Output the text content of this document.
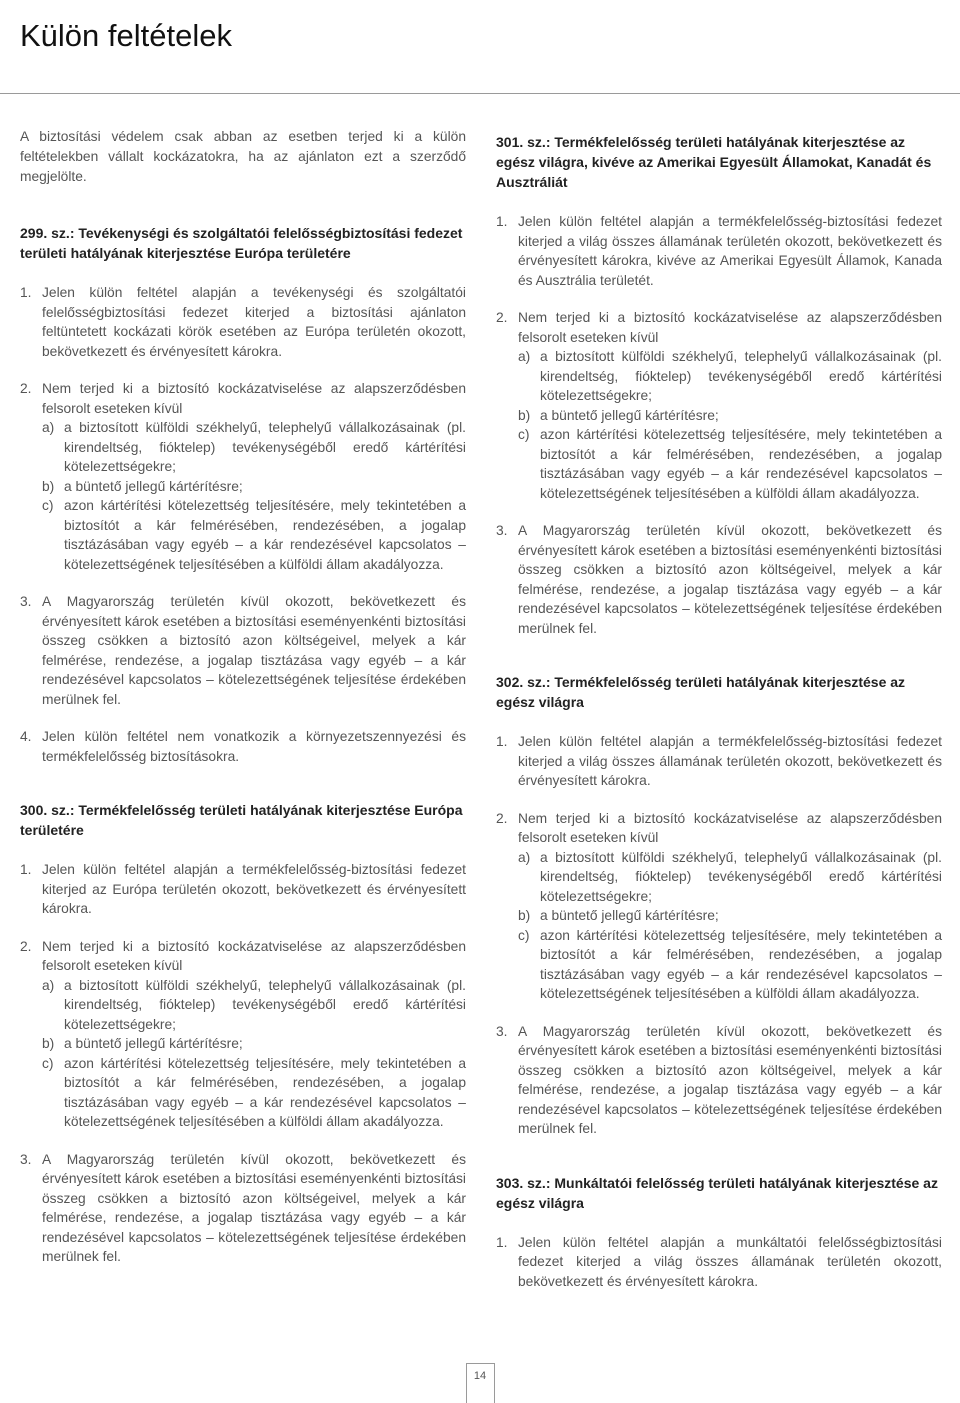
Külön feltételek

A biztosítási védelem csak abban az esetben terjed ki a külön feltételekben vállalt kockázatokra, ha az ajánlaton ezt a szerződő megjelölte.

299. sz.: Tevékenységi és szolgáltatói felelősségbiztosítási fedezet területi hatályának kiterjesztése Európa területére
1. Jelen külön feltétel alapján a tevékenységi és szolgáltatói felelősségbiztosítási fedezet kiterjed a biztosítási ajánlaton feltüntetett kockázati körök esetében az Európa területén okozott, bekövetkezett és érvényesített károkra.
2. Nem terjed ki a biztosító kockázatviselése az alapszerződésben felsorolt eseteken kívül
a) a biztosított külföldi székhelyű, telephelyű vállalkozásainak (pl. kirendeltség, fióktelep) tevékenységéből eredő kártérítési kötelezettségekre;
b) a büntető jellegű kártérítésre;
c) azon kártérítési kötelezettség teljesítésére, mely tekintetében a biztosítót a kár felmérésében, rendezésében, a jogalap tisztázásában vagy egyéb – a kár rendezésével kapcsolatos – kötelezettségének teljesítésében a külföldi állam akadályozza.
3. A Magyarország területén kívül okozott, bekövetkezett és érvényesített károk esetében a biztosítási eseményenkénti biztosítási összeg csökken a biztosító azon költségeivel, melyek a kár felmérése, rendezése, a jogalap tisztázása vagy egyéb – a kár rendezésével kapcsolatos – kötelezettségének teljesítése érdekében merülnek fel.
4. Jelen külön feltétel nem vonatkozik a környezetszennyezési és termékfelelősség biztosításokra.
300. sz.: Termékfelelősség területi hatályának kiterjesztése Európa területére
1. Jelen külön feltétel alapján a termékfelelősség-biztosítási fedezet kiterjed az Európa területén okozott, bekövetkezett és érvényesített károkra.
2. Nem terjed ki a biztosító kockázatviselése az alapszerződésben felsorolt eseteken kívül
a) a biztosított külföldi székhelyű, telephelyű vállalkozásainak (pl. kirendeltség, fióktelep) tevékenységéből eredő kártérítési kötelezettségekre;
b) a büntető jellegű kártérítésre;
c) azon kártérítési kötelezettség teljesítésére, mely tekintetében a biztosítót a kár felmérésében, rendezésében, a jogalap tisztázásában vagy egyéb – a kár rendezésével kapcsolatos – kötelezettségének teljesítésében a külföldi állam akadályozza.
3. A Magyarország területén kívül okozott, bekövetkezett és érvényesített károk esetében a biztosítási eseményenkénti biztosítási összeg csökken a biztosító azon költségeivel, melyek a kár felmérése, rendezése, a jogalap tisztázása vagy egyéb – a kár rendezésével kapcsolatos – kötelezettségének teljesítése érdekében merülnek fel.
301. sz.: Termékfelelősség területi hatályának kiterjesztése az egész világra, kivéve az Amerikai Egyesült Államokat, Kanadát és Ausztráliát
1. Jelen külön feltétel alapján a termékfelelősség-biztosítási fedezet kiterjed a világ összes államának területén okozott, bekövetkezett és érvényesített károkra, kivéve az Amerikai Egyesült Államok, Kanada és Ausztrália területét.
2. Nem terjed ki a biztosító kockázatviselése az alapszerződésben felsorolt eseteken kívül
a) a biztosított külföldi székhelyű, telephelyű vállalkozásainak (pl. kirendeltség, fióktelep) tevékenységéből eredő kártérítési kötelezettségekre;
b) a büntető jellegű kártérítésre;
c) azon kártérítési kötelezettség teljesítésére, mely tekintetében a biztosítót a kár felmérésében, rendezésében, a jogalap tisztázásában vagy egyéb – a kár rendezésével kapcsolatos – kötelezettségének teljesítésében a külföldi állam akadályozza.
3. A Magyarország területén kívül okozott, bekövetkezett és érvényesített károk esetében a biztosítási eseményenkénti biztosítási összeg csökken a biztosító azon költségeivel, melyek a kár felmérése, rendezése, a jogalap tisztázása vagy egyéb – a kár rendezésével kapcsolatos – kötelezettségének teljesítése érdekében merülnek fel.
302. sz.: Termékfelelősség területi hatályának kiterjesztése az egész világra
1. Jelen külön feltétel alapján a termékfelelősség-biztosítási fedezet kiterjed a világ összes államának területén okozott, bekövetkezett és érvényesített károkra.
2. Nem terjed ki a biztosító kockázatviselése az alapszerződésben felsorolt eseteken kívül
a) a biztosított külföldi székhelyű, telephelyű vállalkozásainak (pl. kirendeltség, fióktelep) tevékenységéből eredő kártérítési kötelezettségekre;
b) a büntető jellegű kártérítésre;
c) azon kártérítési kötelezettség teljesítésére, mely tekintetében a biztosítót a kár felmérésében, rendezésében, a jogalap tisztázásában vagy egyéb – a kár rendezésével kapcsolatos – kötelezettségének teljesítésében a külföldi állam akadályozza.
3. A Magyarország területén kívül okozott, bekövetkezett és érvényesített károk esetében a biztosítási eseményenkénti biztosítási összeg csökken a biztosító azon költségeivel, melyek a kár felmérése, rendezése, a jogalap tisztázása vagy egyéb – a kár rendezésével kapcsolatos – kötelezettségének teljesítése érdekében merülnek fel.
303. sz.: Munkáltatói felelősség területi hatályának kiterjesztése az egész világra
1. Jelen külön feltétel alapján a munkáltatói felelősségbiztosítási fedezet kiterjed a világ összes államának területén okozott, bekövetkezett és érvényesített károkra.
14
